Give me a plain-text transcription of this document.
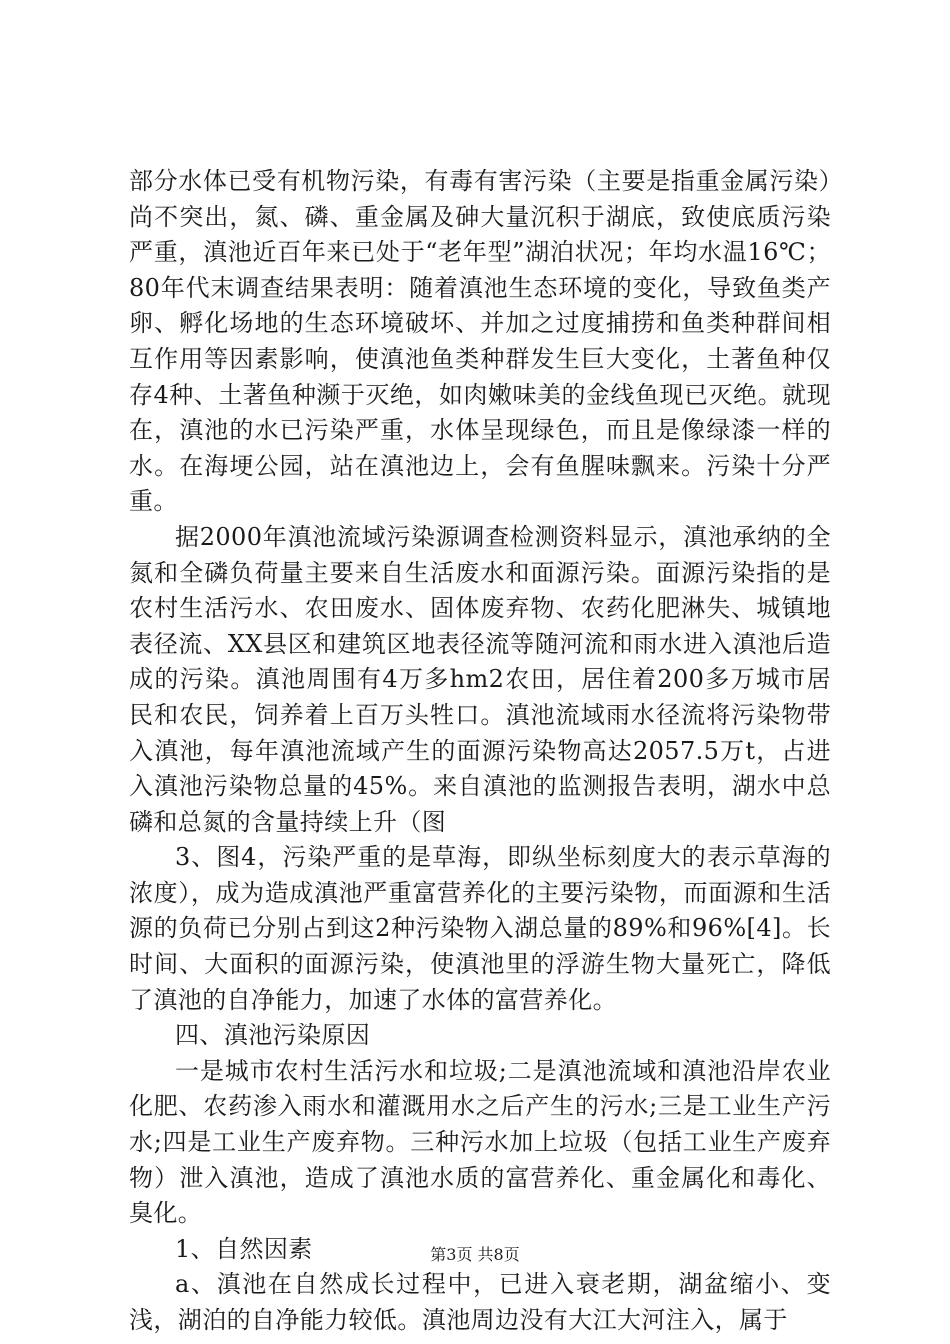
部分水体已受有机物污染，有毒有害污染（主要是指重金属污染）尚不突出，氮、磷、重金属及砷大量沉积于湖底，致使底质污染严重，滇池近百年来已处于“老年型”湖泊状况；年均水温16℃；80年代末调查结果表明：随着滇池生态环境的变化，导致鱼类产卵、孵化场地的生态环境破坏、并加之过度捕捞和鱼类种群间相互作用等因素影响，使滇池鱼类种群发生巨大变化，土著鱼种仅存4种、土著鱼种濒于灭绝，如肉嫩味美的金线鱼现已灭绝。就现在，滇池的水已污染严重，水体呈现绿色，而且是像绿漆一样的水。在海埂公园，站在滇池边上，会有鱼腥味飘来。污染十分严重。

据2000年滇池流域污染源调查检测资料显示，滇池承纳的全氮和全磷负荷量主要来自生活废水和面源污染。面源污染指的是农村生活污水、农田废水、固体废弃物、农药化肥淋失、城镇地表径流、XX县区和建筑区地表径流等随河流和雨水进入滇池后造成的污染。滇池周围有4万多hm2农田，居住着200多万城市居民和农民，饲养着上百万头牲口。滇池流域雨水径流将污染物带入滇池，每年滇池流域产生的面源污染物高达2057.5万t，占进入滇池污染物总量的45%。来自滇池的监测报告表明，湖水中总磷和总氮的含量持续上升（图

3、图4，污染严重的是草海，即纵坐标刻度大的表示草海的浓度），成为造成滇池严重富营养化的主要污染物，而面源和生活源的负荷已分别占到这2种污染物入湖总量的89%和96%[4]。长时间、大面积的面源污染，使滇池里的浮游生物大量死亡，降低了滇池的自净能力，加速了水体的富营养化。

四、滇池污染原因

一是城市农村生活污水和垃圾;二是滇池流域和滇池沿岸农业化肥、农药渗入雨水和灌溉用水之后产生的污水;三是工业生产污水;四是工业生产废弃物。三种污水加上垃圾（包括工业生产废弃物）泄入滇池，造成了滇池水质的富营养化、重金属化和毒化、臭化。

1、自然因素

a、滇池在自然成长过程中，已进入衰老期，湖盆缩小、变浅，湖泊的自净能力较低。滇池周边没有大江大河注入，属于

第3页 共8页
